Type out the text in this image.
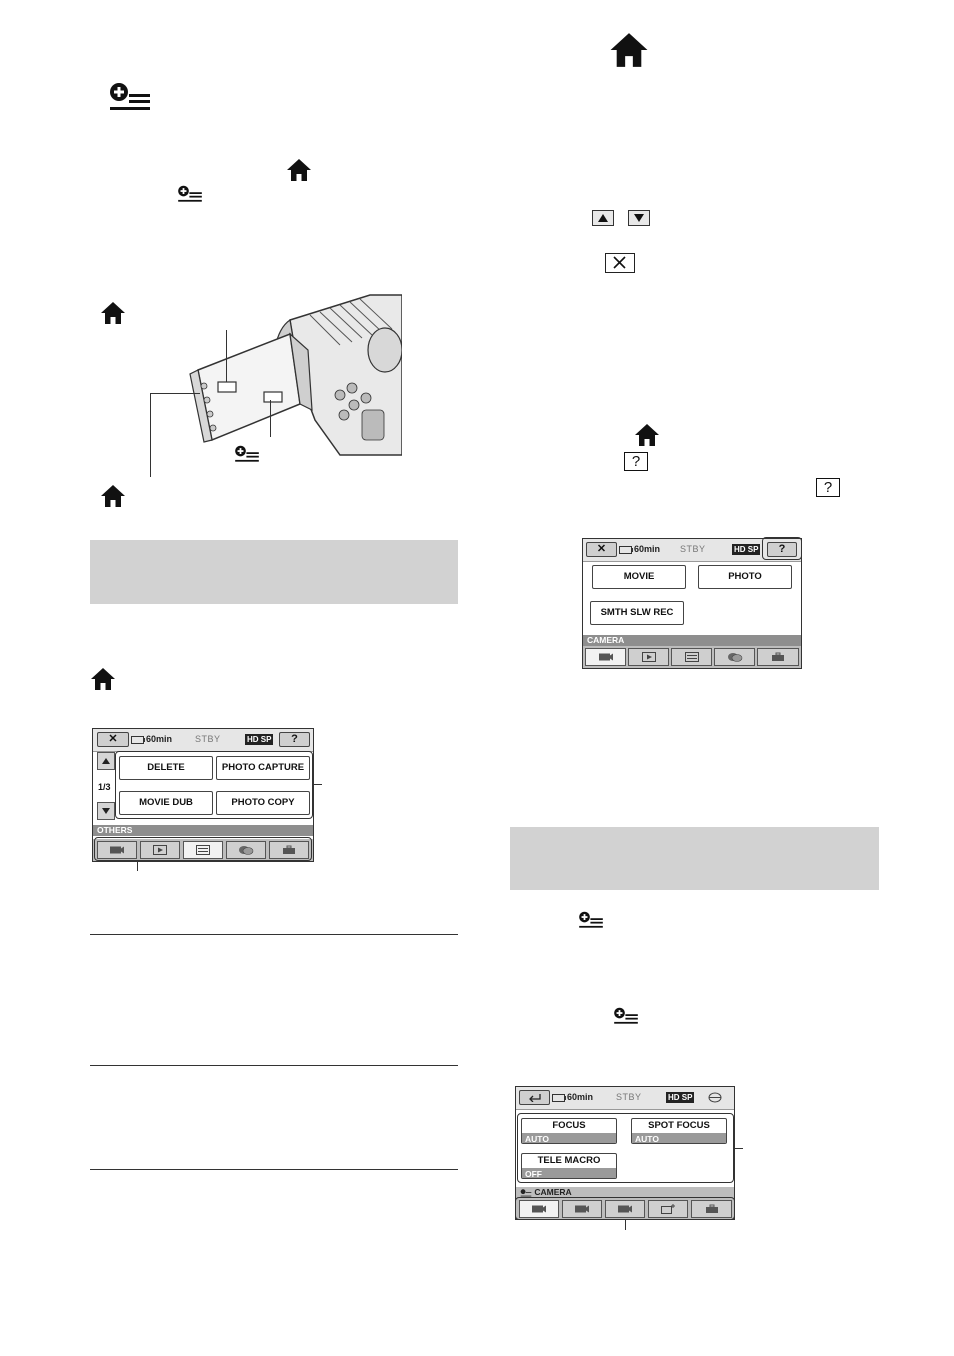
✕	60min	STBY	HD SP	?
1/3
DELETE	PHOTO CAPTURE
MOVIE DUB	PHOTO COPY
OTHERS
?
?
✕	60min STBY	HD SP	?
MOVIE	PHOTO
SMTH SLW REC
CAMERA
60min	STBY	HD SP
FOCUS
AUTO
SPOT FOCUS
AUTO
TELE MACRO
OFF
CAMERA
